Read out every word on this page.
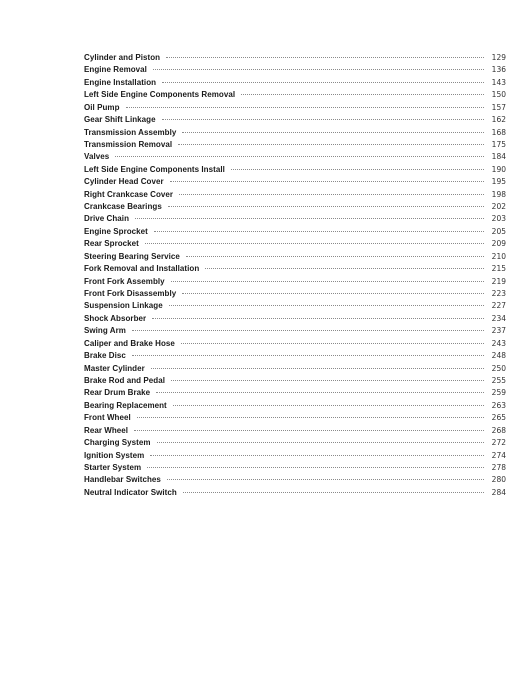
Cylinder and Piston	129
Engine Removal	136
Engine Installation	143
Left Side Engine Components Removal	150
Oil Pump	157
Gear Shift Linkage	162
Transmission Assembly	168
Transmission Removal	175
Valves	184
Left Side Engine Components Install	190
Cylinder Head Cover	195
Right Crankcase Cover	198
Crankcase Bearings	202
Drive Chain	203
Engine Sprocket	205
Rear Sprocket	209
Steering Bearing Service	210
Fork Removal and Installation	215
Front Fork Assembly	219
Front Fork Disassembly	223
Suspension Linkage	227
Shock Absorber	234
Swing Arm	237
Caliper and Brake Hose	243
Brake Disc	248
Master Cylinder	250
Brake Rod and Pedal	255
Rear Drum Brake	259
Bearing Replacement	263
Front Wheel	265
Rear Wheel	268
Charging System	272
Ignition System	274
Starter System	278
Handlebar Switches	280
Neutral Indicator Switch	284
